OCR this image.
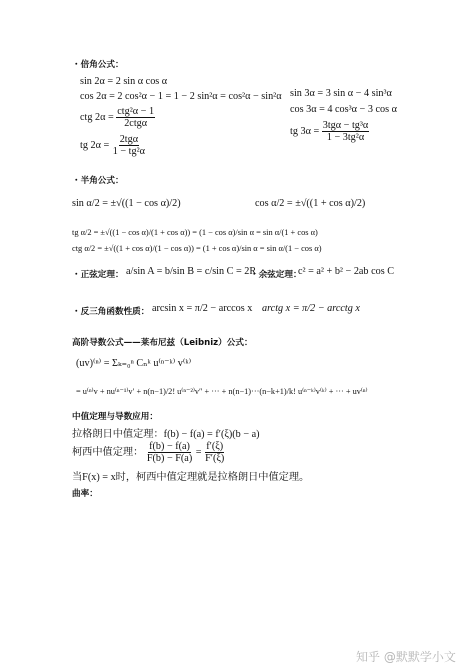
・倍角公式：
sin 2α = 2 sin α cos α
cos 2α = 2 cos²α − 1 = 1 − 2 sin²α = cos²α − sin²α
ctg $2\alpha = \frac{\text{ctg²α − 1}}{\text{2ctgα}}$
tg $2\alpha = \frac{\text{2tgα}}{\text{1 − tg²α}}$
sin 3α = 3 sin α − 4 sin³α
cos 3α = 4 cos³α − 3 cos α
tg $3\alpha = \frac{\text{3tgα − tg³α}}{\text{1 − 3tg²α}}$
・半角公式：
sin α/2 = ±√((1 − cos α)/2)	cos α/2 = ±√((1 + cos α)/2)
tg α/2 = ±√((1 − cos α)/(1 + cos α)) = (1 − cos α)/sin α = sin α/(1 + cos α)
ctg α/2 = ±√((1 + cos α)/(1 − cos α)) = (1 + cos α)/sin α = sin α/(1 − cos α)
・正弦定理： a/sin A = b/sin B = c/sin C = 2R
・余弦定理：
c² = a² + b² − 2ab cos C
・反三角函数性质： arcsin x = π/2 − arccos x arctg x = π/2 − arcctg x
高阶导数公式——莱布尼兹（Leibniz）公式：
(uv)⁽ⁿ⁾ = Σₖ₌₀ⁿ Cₙᵏ u⁽ⁿ⁻ᵏ⁾ v⁽ᵏ⁾
= u⁽ⁿ⁾v + nu⁽ⁿ⁻¹⁾v′ + n(n−1)/2! u⁽ⁿ⁻²⁾v″ + ··· + n(n−1)···(n−k+1)/k! u⁽ⁿ⁻ᵏ⁾v⁽ᵏ⁾ + ··· + uv⁽ⁿ⁾
中值定理与导数应用：
拉格朗日中值定理：f(b) − f(a) = f′(ξ)(b − a)
柯西中值定理： $\frac{f(b) - f(a)}{F(b) - F(a)} = \frac{f'(\xi)}{F'(\xi)}$
当F(x) = x时，柯西中值定理就是拉格朗日中值定理。
曲率：
知乎 @默默学小文
